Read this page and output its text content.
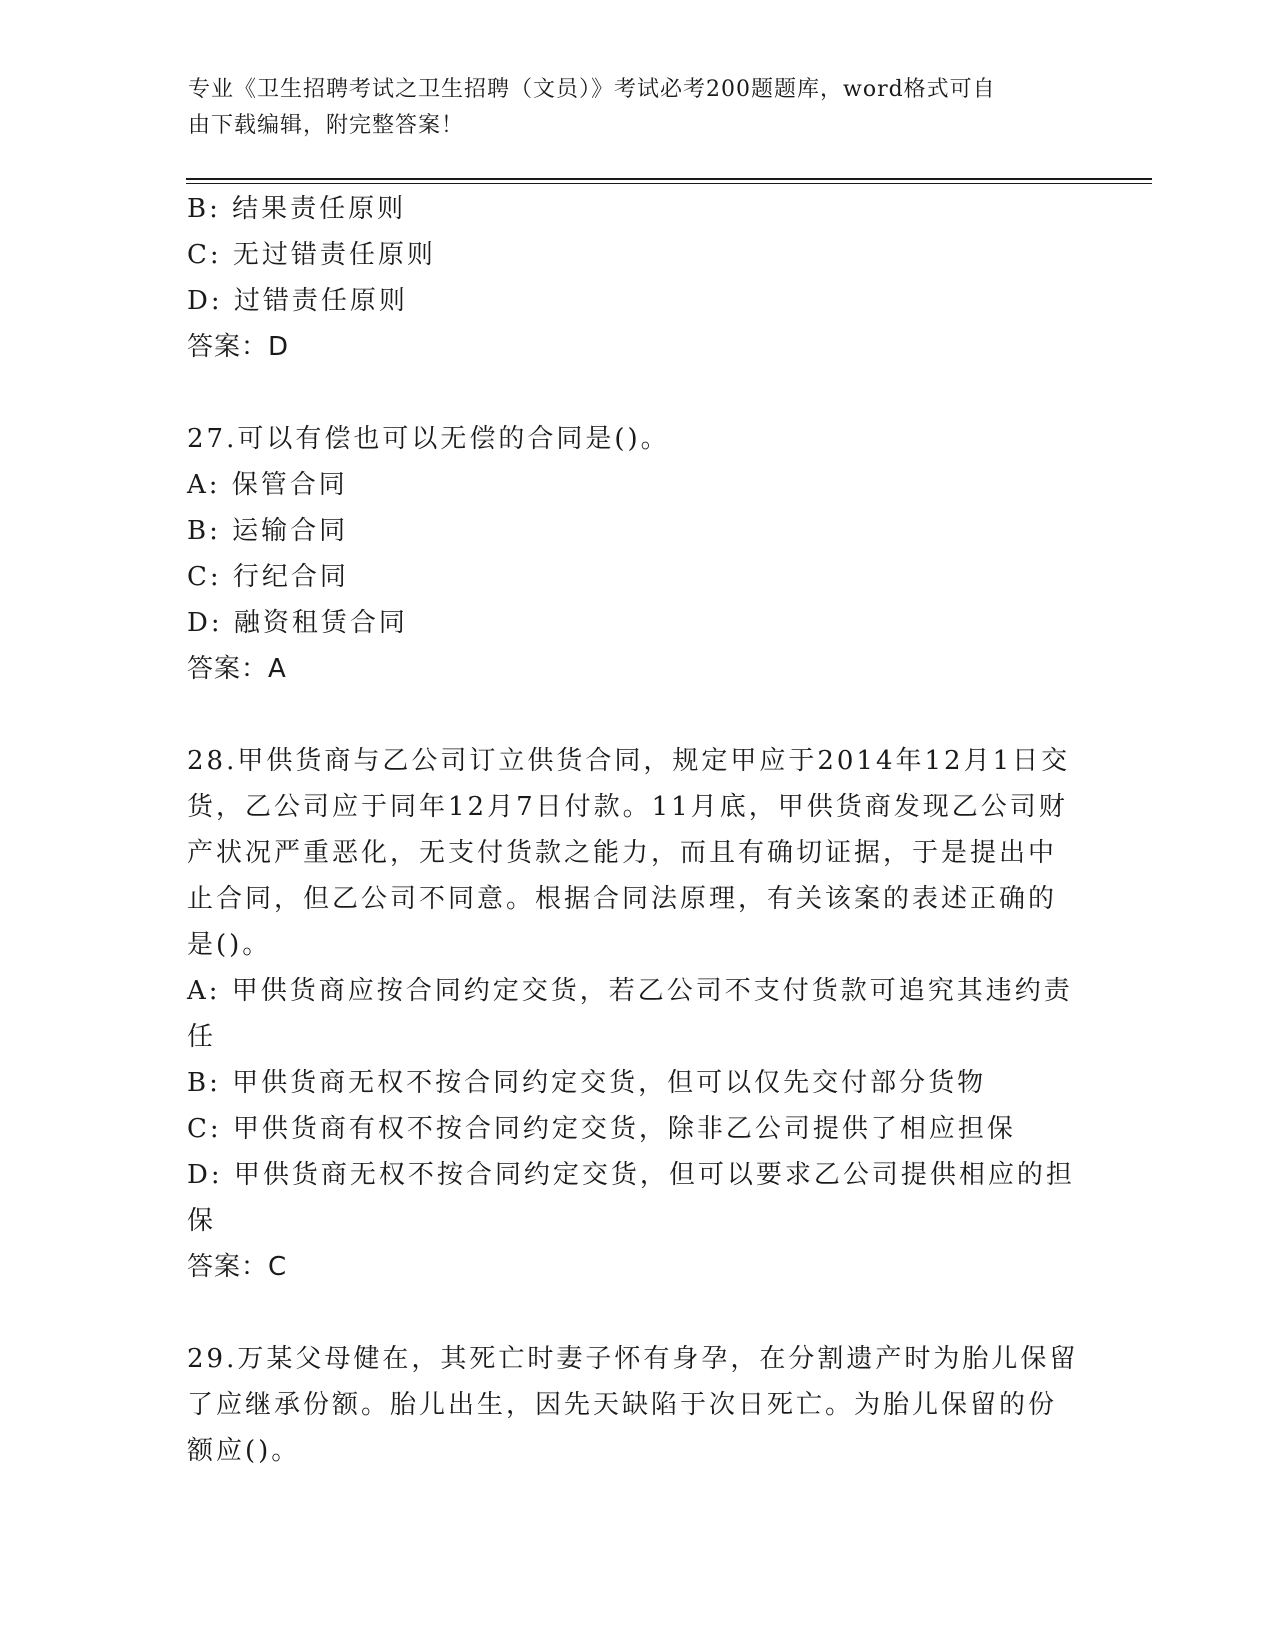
专业《卫生招聘考试之卫生招聘（文员）》考试必考200题题库，word格式可自
由下载编辑，附完整答案！
B: 结果责任原则
C: 无过错责任原则
D: 过错责任原则
答案：D
27.可以有偿也可以无偿的合同是()。
A: 保管合同
B: 运输合同
C: 行纪合同
D: 融资租赁合同
答案：A
28.甲供货商与乙公司订立供货合同，规定甲应于2014年12月1日交
货，乙公司应于同年12月7日付款。11月底，甲供货商发现乙公司财
产状况严重恶化，无支付货款之能力，而且有确切证据，于是提出中
止合同，但乙公司不同意。根据合同法原理，有关该案的表述正确的
是()。
A: 甲供货商应按合同约定交货，若乙公司不支付货款可追究其违约责
任
B: 甲供货商无权不按合同约定交货，但可以仅先交付部分货物
C: 甲供货商有权不按合同约定交货，除非乙公司提供了相应担保
D: 甲供货商无权不按合同约定交货，但可以要求乙公司提供相应的担
保
答案：C
29.万某父母健在，其死亡时妻子怀有身孕，在分割遗产时为胎儿保留
了应继承份额。胎儿出生，因先天缺陷于次日死亡。为胎儿保留的份
额应()。
